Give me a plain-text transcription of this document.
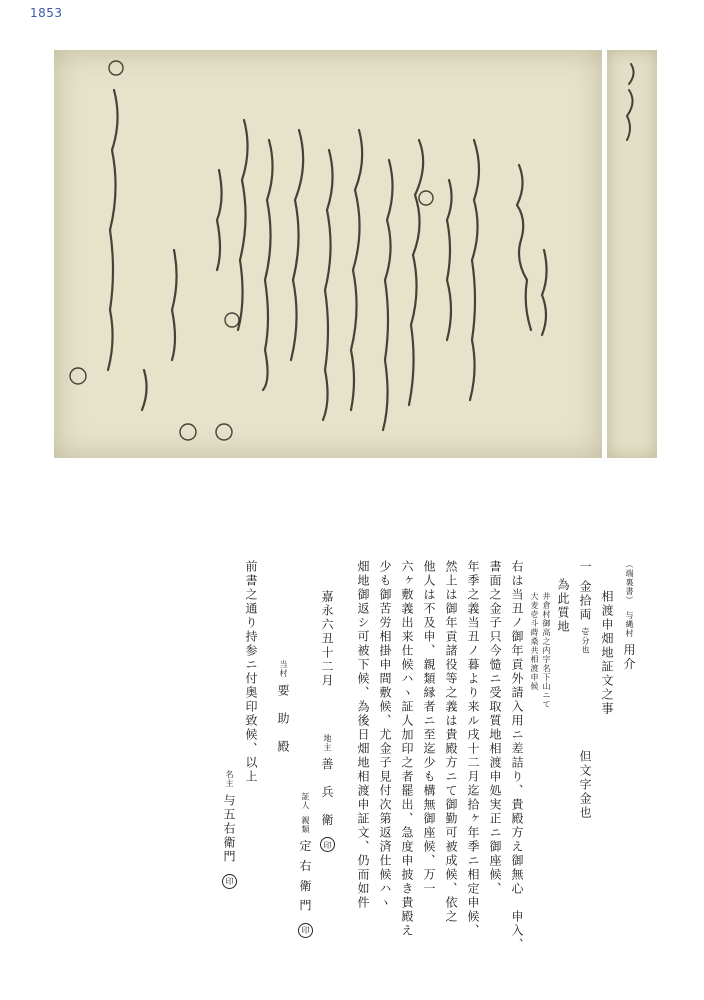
1853
（端裏書） 与縄村 用介
相渡申畑地証文之事
一 金拾両 壱分也 但文字金也
為此質地
井倉村御高之内字名下山ニて
大麦壱斗蒔桑共相渡申候
右は当丑ノ御年貢外請入用ニ差詰り、貴殿方え御無心　申入、
書面之金子只今慥ニ受取質地相渡申処実正ニ御座候、
年季之義当丑ノ暮より来ル戌十二月迄拾ヶ年季ニ相定申候、
然上は御年貢諸役等之義は貴殿方ニて御勤可被成候、依之
他人は不及申、親類縁者ニ至迄少も構無御座候、万一
六ヶ敷義出来仕候ハヽ証人加印之者罷出、急度申披き貴殿え
少も御苦労相掛申間敷候、尤金子見付次第返済仕候ハヽ
畑地御返シ可被下候、為後日畑地相渡申証文、仍而如件
嘉永六丑十二月 地主 善　兵　衛 印
証人 親類 定 右 衛 門 印
当村 要　助　殿
前書之通り持参ニ付奥印致候、以上
名主 与五右衛門 印
